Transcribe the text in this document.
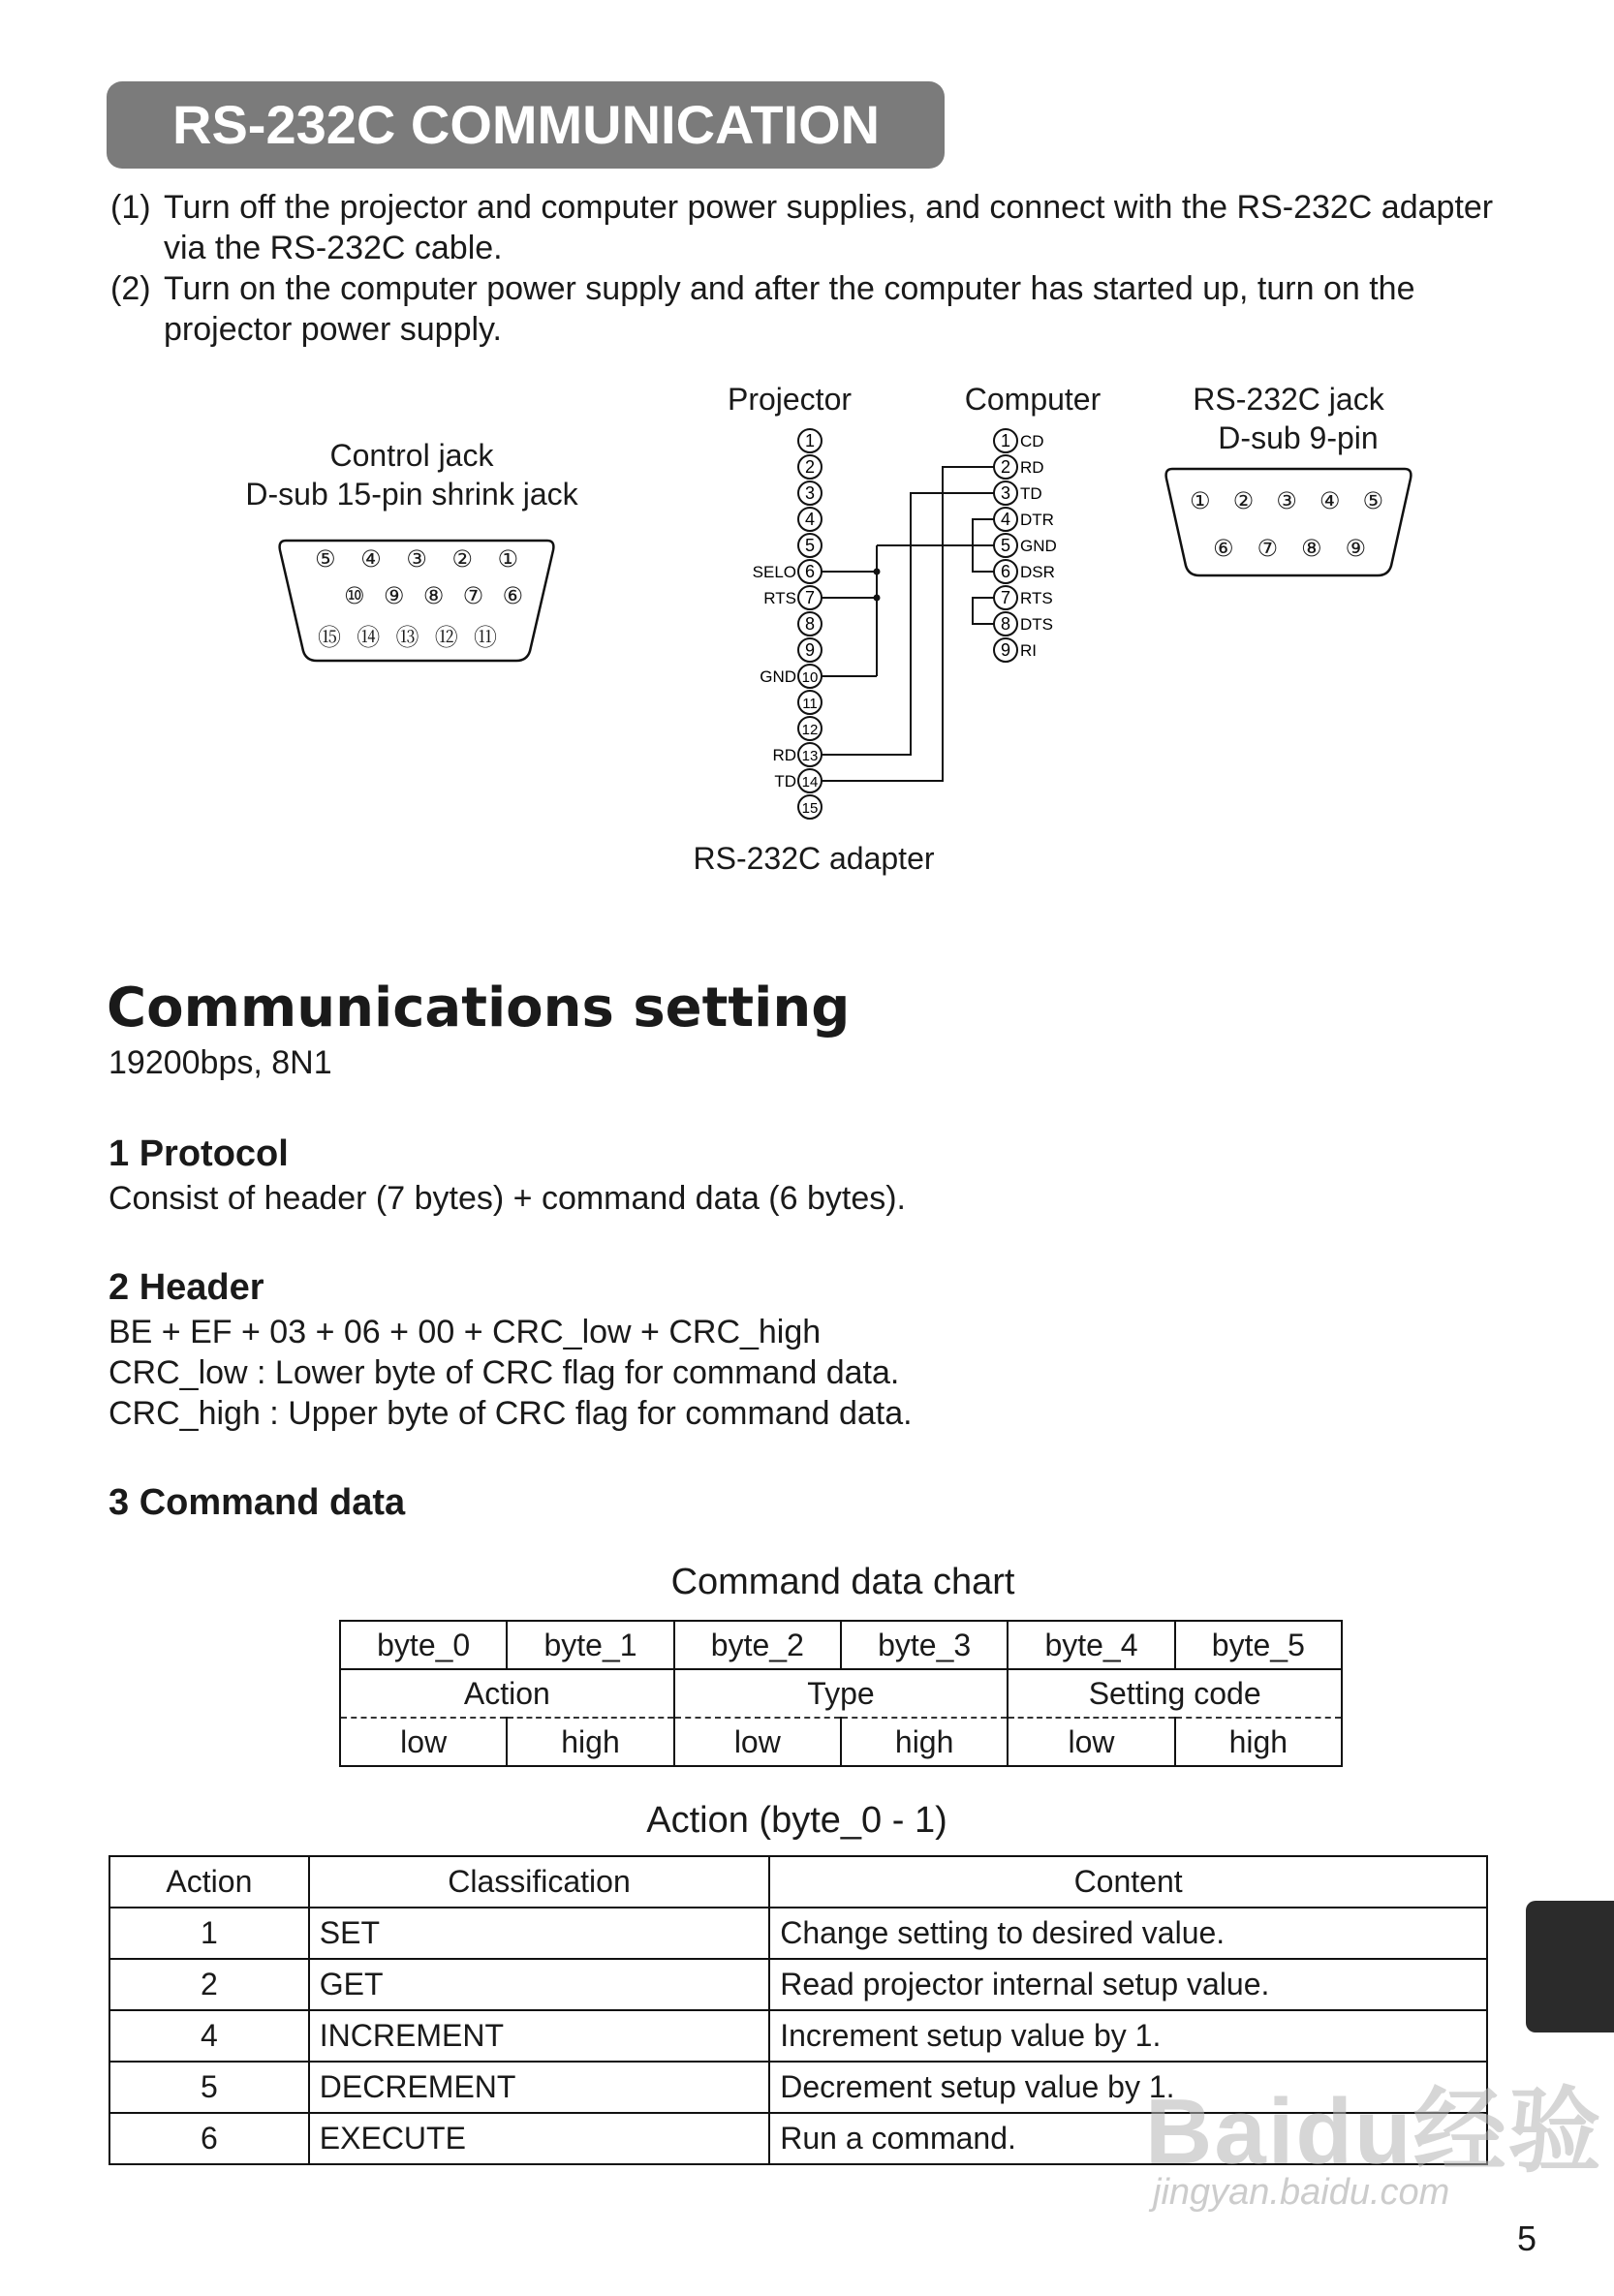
RS-232C COMMUNICATION
(1) Turn off the projector and computer power supplies, and connect with the RS-232C adapter via the RS-232C cable.
(2) Turn on the computer power supply and after the computer has started up, turn on the projector power supply.
Control jack
D-sub 15-pin shrink jack
⑤ ④ ③ ② ①
⑩ ⑨ ⑧ ⑦ ⑥
⑮ ⑭ ⑬ ⑫ ⑪
Projector	Computer	RS-232C jack
D-sub 9-pin
1
2
3
4
5
6
SELO
7
RTS
8
9
10
GND
11
12
13
RD
14
TD
15
1 CD
2 RD
3 TD
4 DTR
5 GND
6 DSR
7 RTS
8 DTS
9 RI
RS-232C adapter
① ② ③ ④ ⑤
⑥ ⑦ ⑧ ⑨
Communications setting
19200bps, 8N1
1 Protocol
Consist of header (7 bytes) + command data (6 bytes).
2 Header
BE + EF + 03 + 06 + 00 + CRC_low + CRC_high
CRC_low : Lower byte of CRC flag for command data.
CRC_high : Upper byte of CRC flag for command data.
3 Command data
Command data chart
byte_0	byte_1	byte_2	byte_3	byte_4	byte_5
Action		Type		Setting code	
low	high	low	high	low	high
Action (byte_0 - 1)
Action	Classification	Content
1	SET	Change setting to desired value.
2	GET	Read projector internal setup value.
4	INCREMENT	Increment setup value by 1.
5	DECREMENT	Decrement setup value by 1.
6	EXECUTE	Run a command. Baidu经验
jingyan.baidu.com
5
